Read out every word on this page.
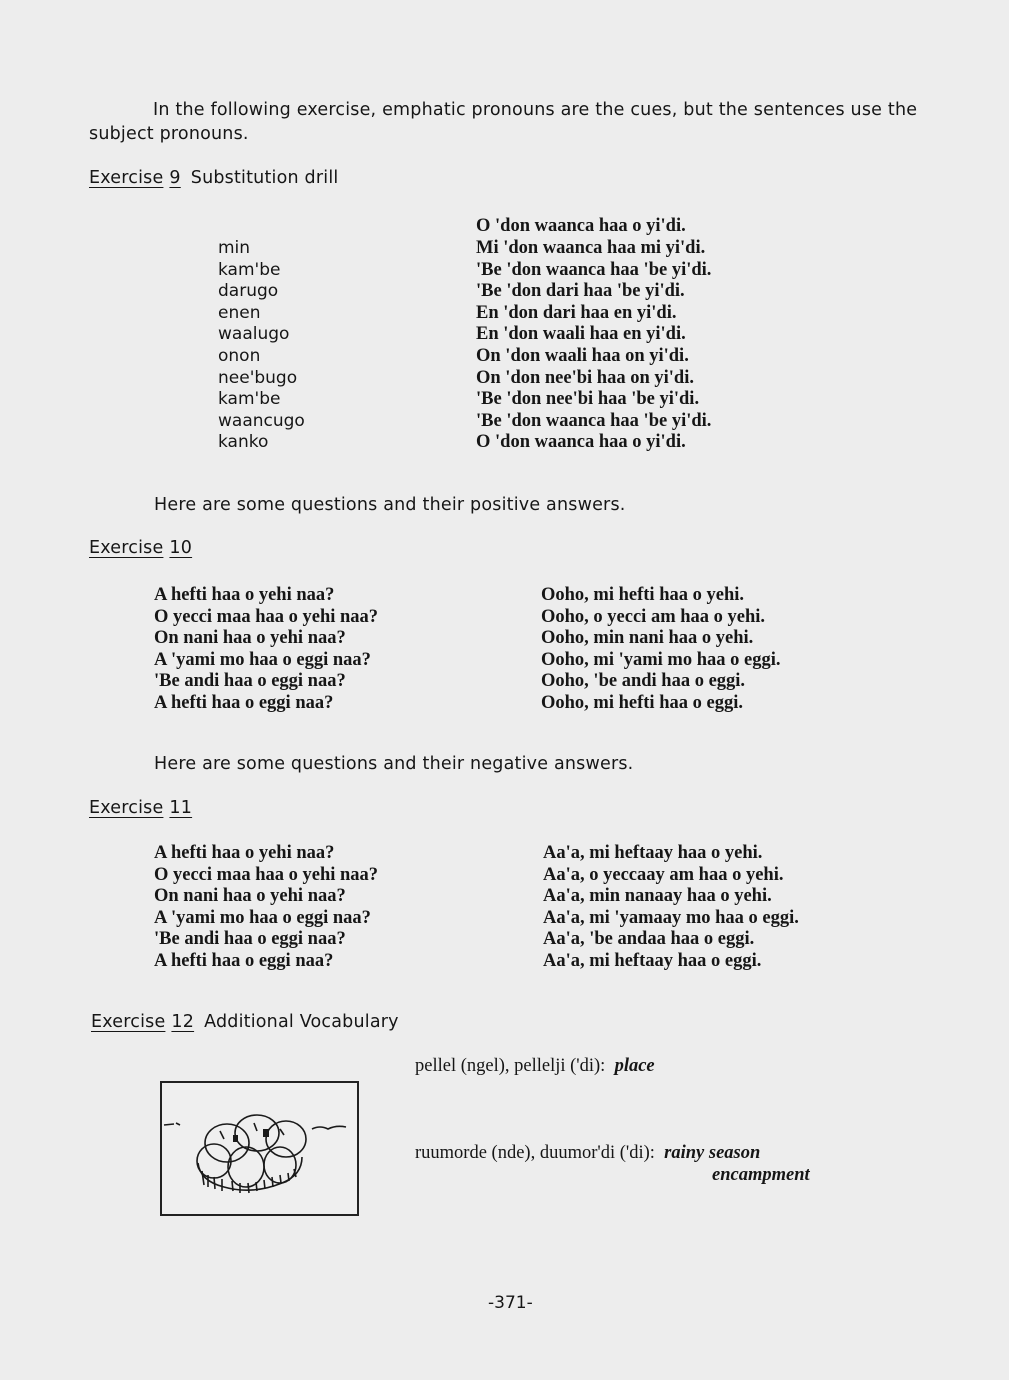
In the following exercise, emphatic pronouns are the cues, but the sentences use the subject pronouns.

Exercise 9 Substitution drill
O 'don waanca haa o yi'di.
min
kam'be
darugo
enen
waalugo
onon
nee'bugo
kam'be
waancugo
kanko
Mi 'don waanca haa mi yi'di.
'Be 'don waanca haa 'be yi'di.
'Be 'don dari haa 'be yi'di.
En 'don dari haa en yi'di.
En 'don waali haa en yi'di.
On 'don waali haa on yi'di.
On 'don nee'bi haa on yi'di.
'Be 'don nee'bi haa 'be yi'di.
'Be 'don waanca haa 'be yi'di.
O 'don waanca haa o yi'di.
Here are some questions and their positive answers.
Exercise 10
A hefti haa o yehi naa?
O yecci maa haa o yehi naa?
On nani haa o yehi naa?
A 'yami mo haa o eggi naa?
'Be andi haa o eggi naa?
A hefti haa o eggi naa?
Ooho, mi hefti haa o yehi.
Ooho, o yecci am haa o yehi.
Ooho, min nani haa o yehi.
Ooho, mi 'yami mo haa o eggi.
Ooho, 'be andi haa o eggi.
Ooho, mi hefti haa o eggi.
Here are some questions and their negative answers.
Exercise 11
A hefti haa o yehi naa?
O yecci maa haa o yehi naa?
On nani haa o yehi naa?
A 'yami mo haa o eggi naa?
'Be andi haa o eggi naa?
A hefti haa o eggi naa?
Aa'a, mi heftaay haa o yehi.
Aa'a, o yeccaay am haa o yehi.
Aa'a, min nanaay haa o yehi.
Aa'a, mi 'yamaay mo haa o eggi.
Aa'a, 'be andaa haa o eggi.
Aa'a, mi heftaay haa o eggi.
Exercise 12 Additional Vocabulary
pellel (ngel), pellelji ('di): place
ruumorde (nde), duumor'di ('di): rainy season
encampment
-371-
